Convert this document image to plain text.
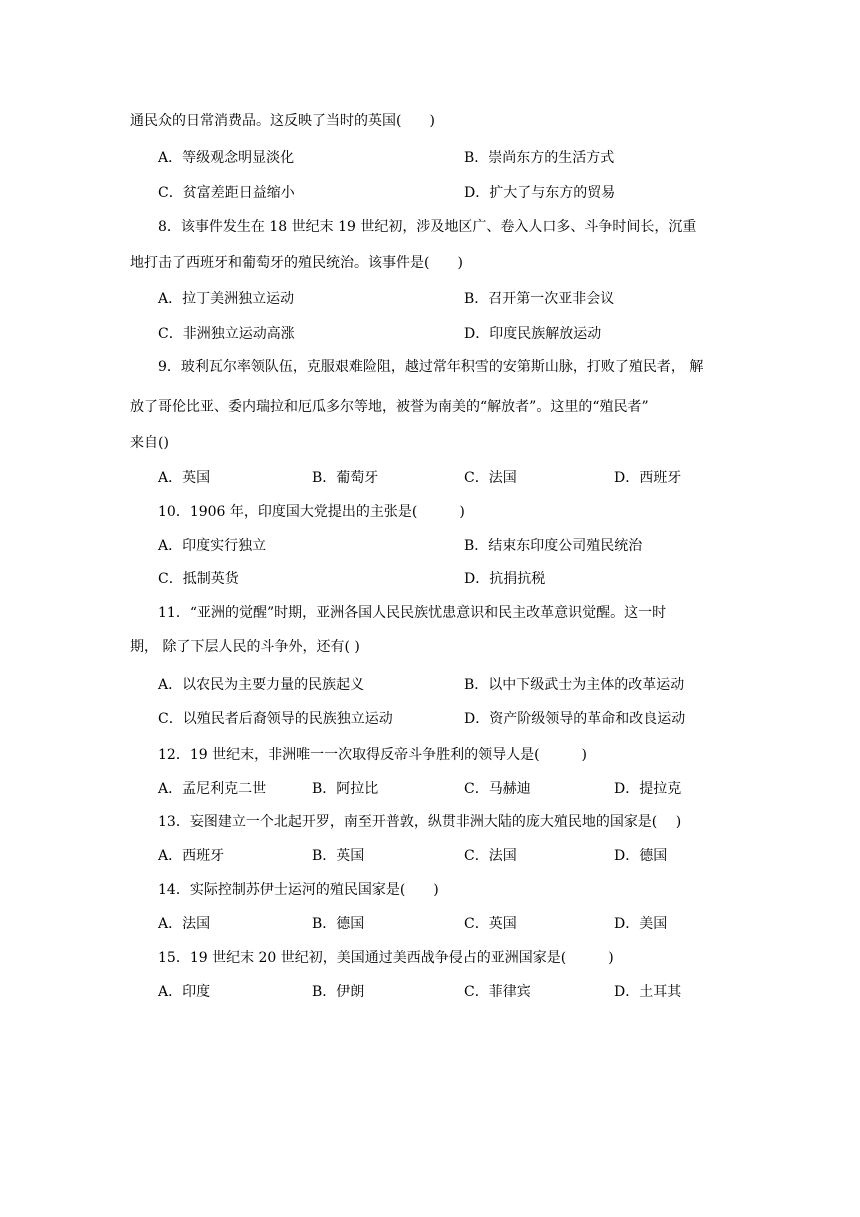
通民众的日常消费品。这反映了当时的英国(　　)
A．等级观念明显淡化	B．崇尚东方的生活方式
C．贫富差距日益缩小	D．扩大了与东方的贸易
8．该事件发生在 18 世纪末 19 世纪初，涉及地区广、卷入人口多、斗争时间长，沉重
地打击了西班牙和葡萄牙的殖民统治。该事件是(　　)
A．拉丁美洲独立运动	B．召开第一次亚非会议
C．非洲独立运动高涨	D．印度民族解放运动
9．玻利瓦尔率领队伍，克服艰难险阻，越过常年积雪的安第斯山脉，打败了殖民者， 解
放了哥伦比亚、委内瑞拉和厄瓜多尔等地，被誉为南美的“解放者”。这里的“殖民者”
来自()
A．英国	B．葡萄牙	C．法国	D．西班牙
10．1906 年，印度国大党提出的主张是(　　　)
A．印度实行独立	B．结束东印度公司殖民统治
C．抵制英货	D．抗捐抗税
11．“亚洲的觉醒”时期，亚洲各国人民民族忧患意识和民主改革意识觉醒。这一时
期， 除了下层人民的斗争外，还有( )
A．以农民为主要力量的民族起义	B．以中下级武士为主体的改革运动
C．以殖民者后裔领导的民族独立运动	D．资产阶级领导的革命和改良运动
12．19 世纪末，非洲唯一一次取得反帝斗争胜利的领导人是(　　　)
A．孟尼利克二世	B．阿拉比	C．马赫迪	D．提拉克
13．妄图建立一个北起开罗，南至开普敦，纵贯非洲大陆的庞大殖民地的国家是(　 )
A．西班牙	B．英国	C．法国	D．德国
14．实际控制苏伊士运河的殖民国家是(　　)
A．法国	B．德国	C．英国	D．美国
15．19 世纪末 20 世纪初，美国通过美西战争侵占的亚洲国家是(　　　)
A．印度	B．伊朗	C．菲律宾	D．土耳其
